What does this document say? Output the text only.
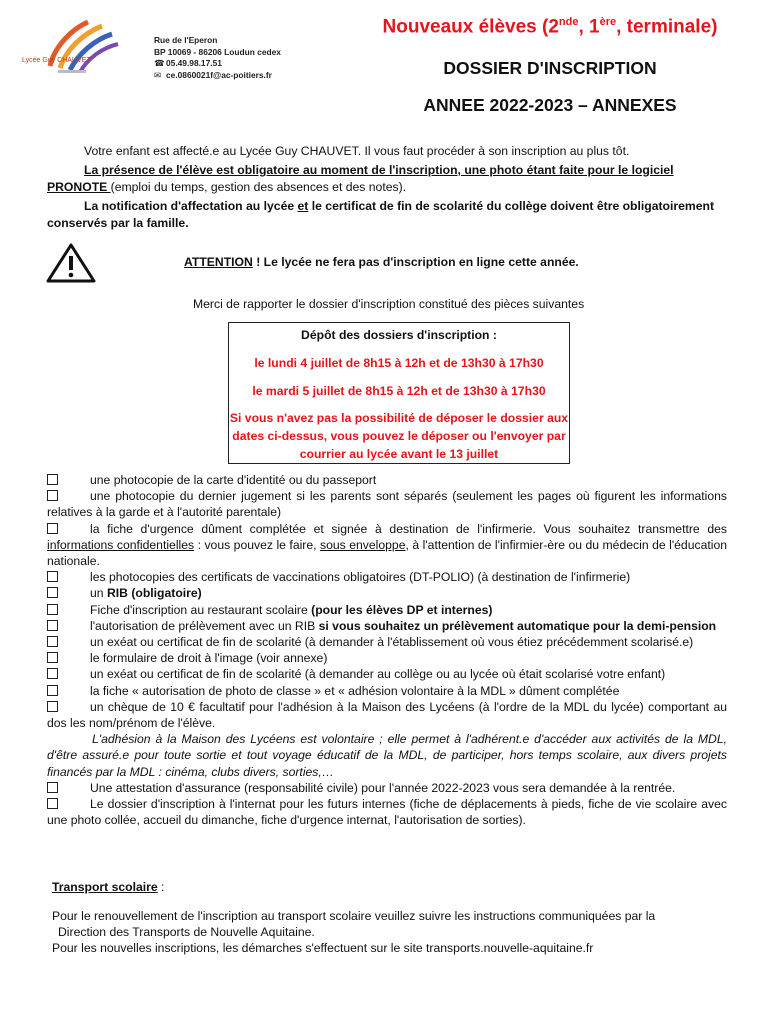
Lycée Guy CHAUVET
Rue de l'Eperon
BP 10069 - 86206 Loudun cedex
☎ 05.49.98.17.51
✉ ce.0860021f@ac-poitiers.fr
Nouveaux élèves (2nde, 1ère, terminale)
DOSSIER D'INSCRIPTION
ANNEE 2022-2023 – ANNEXES
Votre enfant est affecté.e au Lycée Guy CHAUVET. Il vous faut procéder à son inscription au plus tôt.
La présence de l'élève est obligatoire au moment de l'inscription, une photo étant faite pour le logiciel PRONOTE (emploi du temps, gestion des absences et des notes).
La notification d'affectation au lycée et le certificat de fin de scolarité du collège doivent être obligatoirement conservés par la famille.
ATTENTION ! Le lycée ne fera pas d'inscription en ligne cette année.
Merci de rapporter le dossier d'inscription constitué des pièces suivantes
Dépôt des dossiers d'inscription :
le lundi 4 juillet de 8h15 à 12h et de 13h30 à 17h30
le mardi 5 juillet de 8h15 à 12h et de 13h30 à 17h30
Si vous n'avez pas la possibilité de déposer le dossier aux
dates ci-dessus, vous pouvez le déposer ou l'envoyer par
courrier au lycée avant le 13 juillet
une photocopie de la carte d'identité ou du passeport
une photocopie du dernier jugement si les parents sont séparés (seulement les pages où figurent les informations relatives à la garde et à l'autorité parentale)
la fiche d'urgence dûment complétée et signée à destination de l'infirmerie. Vous souhaitez transmettre des informations confidentielles : vous pouvez le faire, sous enveloppe, à l'attention de l'infirmier-ère ou du médecin de l'éducation nationale.
les photocopies des certificats de vaccinations obligatoires (DT-POLIO) (à destination de l'infirmerie)
un RIB (obligatoire)
Fiche d'inscription au restaurant scolaire (pour les élèves DP et internes)
l'autorisation de prélèvement avec un RIB si vous souhaitez un prélèvement automatique pour la demi-pension
un exéat ou certificat de fin de scolarité (à demander à l'établissement où vous étiez précédemment scolarisé.e)
le formulaire de droit à l'image (voir annexe)
un exéat ou certificat de fin de scolarité (à demander au collège ou au lycée où était scolarisé votre enfant)
la fiche « autorisation de photo de classe » et « adhésion volontaire à la MDL » dûment complétée
un chèque de 10 € facultatif pour l'adhésion à la Maison des Lycéens (à l'ordre de la MDL du lycée) comportant au dos les nom/prénom de l'élève.
L'adhésion à la Maison des Lycéens est volontaire ; elle permet à l'adhérent.e d'accéder aux activités de la MDL, d'être assuré.e pour toute sortie et tout voyage éducatif de la MDL, de participer, hors temps scolaire, aux divers projets financés par la MDL : cinéma, clubs divers, sorties,…
Une attestation d'assurance (responsabilité civile) pour l'année 2022-2023 vous sera demandée à la rentrée.
Le dossier d'inscription à l'internat pour les futurs internes (fiche de déplacements à pieds, fiche de vie scolaire avec une photo collée, accueil du dimanche, fiche d'urgence internat, l'autorisation de sorties).
Transport scolaire :
Pour le renouvellement de l'inscription au transport scolaire veuillez suivre les instructions communiquées par la
Direction des Transports de Nouvelle Aquitaine.
Pour les nouvelles inscriptions, les démarches s'effectuent sur le site transports.nouvelle-aquitaine.fr
